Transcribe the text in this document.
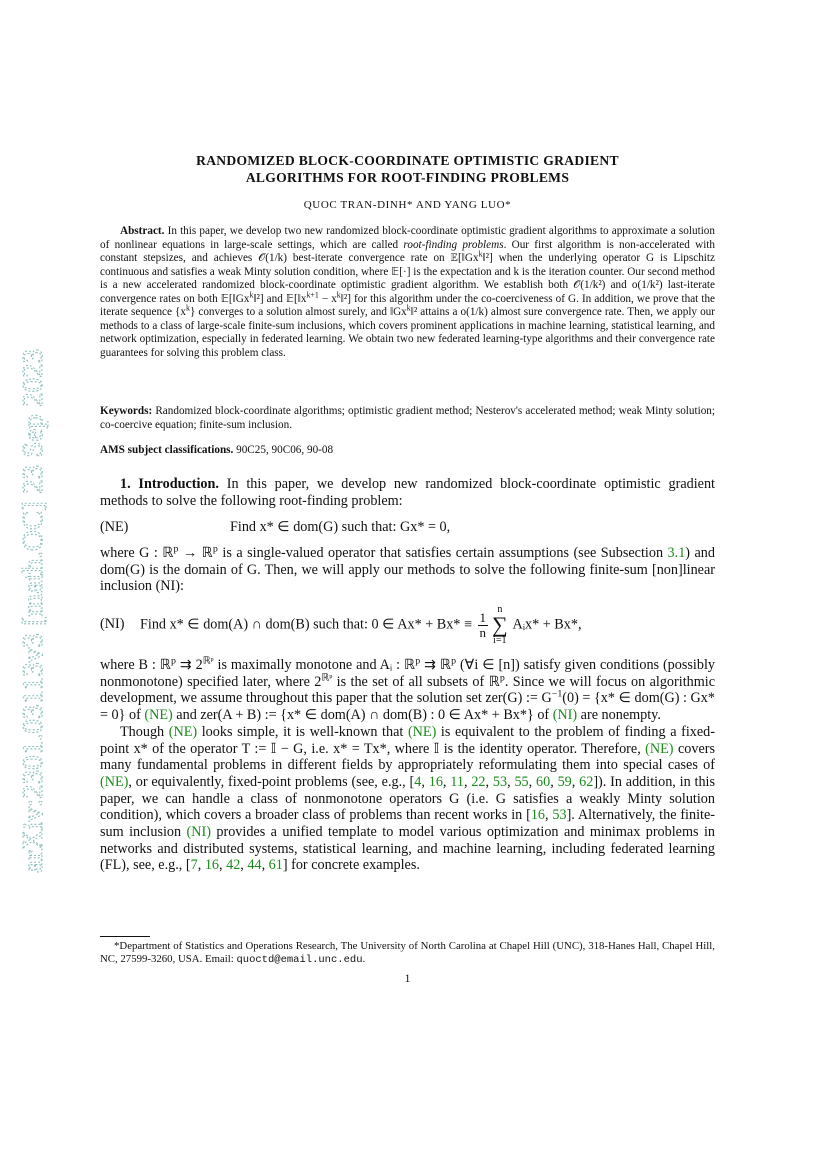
arXiv:2301.03113v3 [math.OC] 23 Sep 2023
RANDOMIZED BLOCK-COORDINATE OPTIMISTIC GRADIENT
ALGORITHMS FOR ROOT-FINDING PROBLEMS
QUOC TRAN-DINH* AND YANG LUO*
Abstract. In this paper, we develop two new randomized block-coordinate optimistic gradient algorithms to approximate a solution of nonlinear equations in large-scale settings, which are called root-finding problems. Our first algorithm is non-accelerated with constant stepsizes, and achieves 𝒪(1/k) best-iterate convergence rate on 𝔼[‖Gx$^k$‖²] when the underlying operator G is Lipschitz continuous and satisfies a weak Minty solution condition, where 𝔼[·] is the expectation and k is the iteration counter. Our second method is a new accelerated randomized block-coordinate optimistic gradient algorithm. We establish both 𝒪(1/k²) and o(1/k²) last-iterate convergence rates on both 𝔼[‖Gx$^k$‖²] and $𝔼[‖x^{k+1}$ − $x^k‖^2$] for this algorithm under the co-coerciveness of G. In addition, we prove that the iterate sequence $\{x^k\}$ converges to a solution almost surely, and ‖Gx$^k$‖² attains a o(1/k) almost sure convergence rate. Then, we apply our methods to a class of large-scale finite-sum inclusions, which covers prominent applications in machine learning, statistical learning, and network optimization, especially in federated learning. We obtain two new federated learning-type algorithms and their convergence rate guarantees for solving this problem class.
Keywords: Randomized block-coordinate algorithms; optimistic gradient method; Nesterov's accelerated method; weak Minty solution; co-coercive equation; finite-sum inclusion.
AMS subject classifications. 90C25, 90C06, 90-08

1. Introduction. In this paper, we develop new randomized block-coordinate optimistic gradient methods to solve the following root-finding problem:

(NE)	Find x* ∈ dom(G) such that: Gx* = 0,

where G : ℝ$^p$ → ℝ$^p$ is a single-valued operator that satisfies certain assumptions (see Subsection 3.1) and dom(G) is the domain of G. Then, we will apply our methods to solve the following finite-sum [non]linear inclusion (NI):

(NI) Find x* ∈ dom(A) ∩ dom(B) such that: 0 ∈ $Ax* + Bx* \equiv \frac{1}{n}n$
∑
i=1 Aᵢx* + Bx*,

where B : ℝ$^p$ ⇉ $2^{ℝᵖ}$ is maximally monotone and Aᵢ : ℝ$^p$ ⇉ ℝ$^p$ (∀i ∈ [n]) satisfy given conditions (possibly nonmonotone) specified later, where $2^{ℝᵖ}$ is the set of all subsets of ℝ$^p$. Since we will focus on algorithmic development, we assume throughout this paper that the solution set zer(G) := $G^{-1}(0) = \{x*$ ∈ dom(G) : Gx* = 0} of (NE) and zer(A + B) := {x* ∈ dom(A) ∩ dom(B) : 0 ∈ Ax* + Bx*} of (NI) are nonempty.

Though (NE) looks simple, it is well-known that (NE) is equivalent to the problem of finding a fixed-point x* of the operator T := 𝕀 − G, i.e. x* = Tx*, where 𝕀 is the identity operator. Therefore, (NE) covers many fundamental problems in different fields by appropriately reformulating them into special cases of (NE), or equivalently, fixed-point problems (see, e.g., [4, 16, 11, 22, 53, 55, 60, 59, 62]). In addition, in this paper, we can handle a class of nonmonotone operators G (i.e. G satisfies a weakly Minty solution condition), which covers a broader class of problems than recent works in [16, 53]. Alternatively, the finite-sum inclusion (NI) provides a unified template to model various optimization and minimax problems in networks and distributed systems, statistical learning, and machine learning, including federated learning (FL), see, e.g., [7, 16, 42, 44, 61] for concrete examples.

*Department of Statistics and Operations Research, The University of North Carolina at Chapel Hill (UNC), 318-Hanes Hall, Chapel Hill, NC, 27599-3260, USA. Email: quoctd@email.unc.edu.
1
